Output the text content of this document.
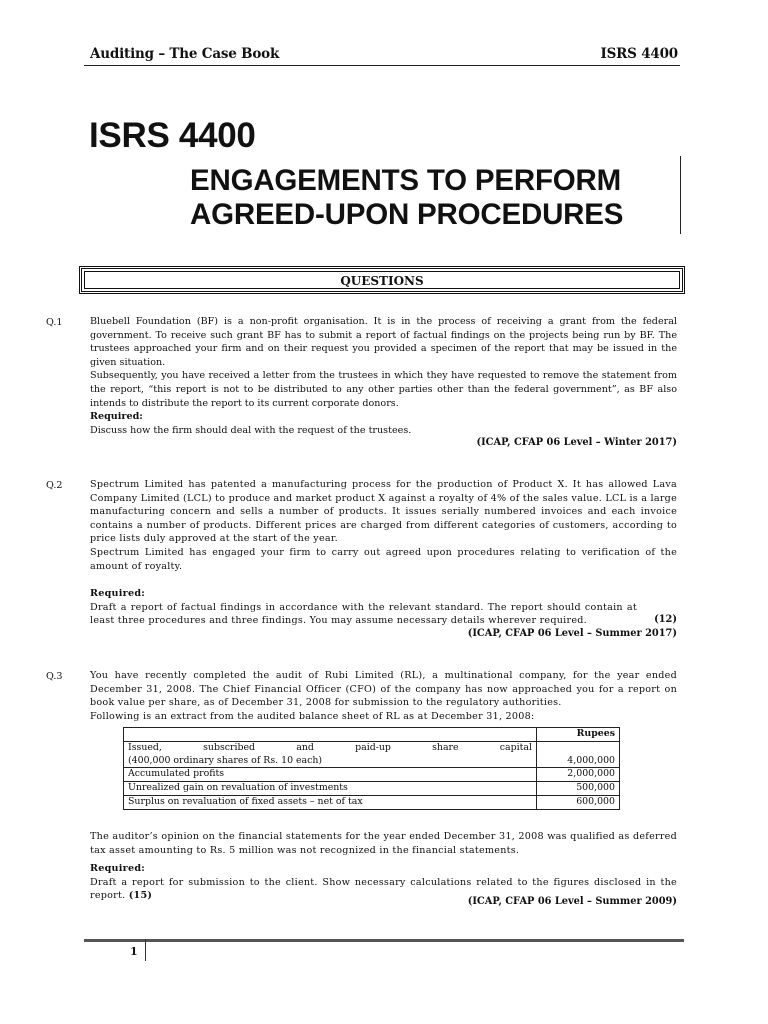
Auditing – The Case Book	ISRS 4400
ISRS 4400
ENGAGEMENTS TO PERFORM
AGREED-UPON PROCEDURES
QUESTIONS
Q.1	Bluebell Foundation (BF) is a non-profit organisation. It is in the process of receiving a grant from the federal government. To receive such grant BF has to submit a report of factual findings on the projects being run by BF. The trustees approached your firm and on their request you provided a specimen of the report that may be issued in the given situation.
Subsequently, you have received a letter from the trustees in which they have requested to remove the statement from the report, “this report is not to be distributed to any other parties other than the federal government”, as BF also intends to distribute the report to its current corporate donors.
Required:
Discuss how the firm should deal with the request of the trustees.
(ICAP, CFAP 06 Level – Winter 2017)
Q.2	Spectrum Limited has patented a manufacturing process for the production of Product X. It has allowed Lava Company Limited (LCL) to produce and market product X against a royalty of 4% of the sales value. LCL is a large manufacturing concern and sells a number of products. It issues serially numbered invoices and each invoice contains a number of products. Different prices are charged from different categories of customers, according to price lists duly approved at the start of the year.
Spectrum Limited has engaged your firm to carry out agreed upon procedures relating to verification of the amount of royalty.
Required:
Draft a report of factual findings in accordance with the relevant standard. The report should contain at least three procedures and three findings. You may assume necessary details wherever required.	(12)
(ICAP, CFAP 06 Level – Summer 2017)
Q.3	You have recently completed the audit of Rubi Limited (RL), a multinational company, for the year ended December 31, 2008. The Chief Financial Officer (CFO) of the company has now approached you for a report on book value per share, as of December 31, 2008 for submission to the regulatory authorities.
Following is an extract from the audited balance sheet of RL as at December 31, 2008:
	Rupees

Issued, subscribed and paid-up share capital
(400,000 ordinary shares of Rs. 10 each)	4,000,000
Accumulated profits	2,000,000
Unrealized gain on revaluation of investments	500,000
Surplus on revaluation of fixed assets – net of tax	600,000
The auditor’s opinion on the financial statements for the year ended December 31, 2008 was qualified as deferred tax asset amounting to Rs. 5 million was not recognized in the financial statements.
Required:
Draft a report for submission to the client. Show necessary calculations related to the figures disclosed in the report. (15)
(ICAP, CFAP 06 Level – Summer 2009)
1
